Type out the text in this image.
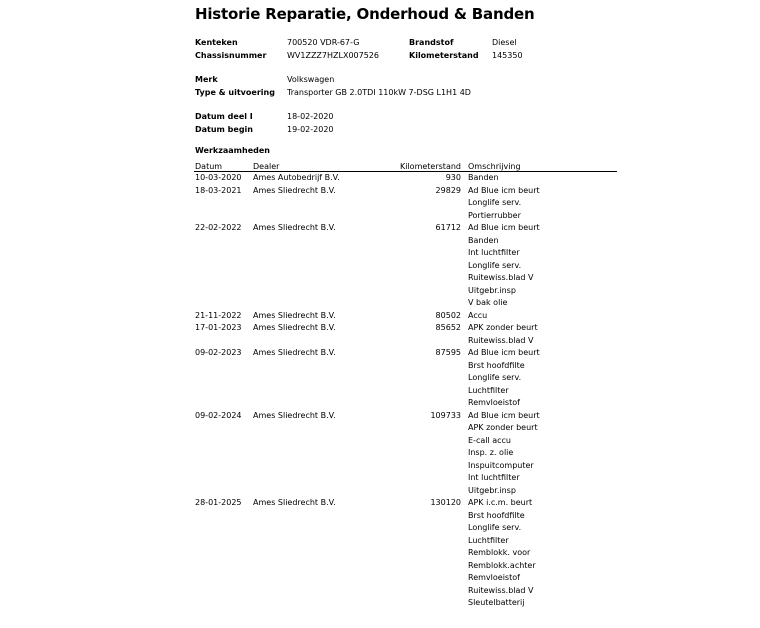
Historie Reparatie, Onderhoud & Banden
Kenteken	700520 VDR-67-G	Brandstof	Diesel
Chassisnummer	WV1ZZZ7HZLX007526	Kilometerstand 145350
Merk	Volkswagen
Type & uitvoering Transporter GB 2.0TDI 110kW 7-DSG L1H1 4D
Datum deel I	18-02-2020
Datum begin	19-02-2020
Werkzaamheden
Datum	Dealer	Kilometerstand Omschrijving
10-03-2020 Ames Autobedrijf B.V.	930 Banden
18-03-2021 Ames Sliedrecht B.V.	29829 Ad Blue icm beurt
Longlife serv.
Portierrubber
22-02-2022 Ames Sliedrecht B.V.	61712 Ad Blue icm beurt
Banden
Int luchtfilter
Longlife serv.
Ruitewiss.blad V
Uitgebr.insp
V bak olie
21-11-2022 Ames Sliedrecht B.V.	80502 Accu
17-01-2023 Ames Sliedrecht B.V.	85652 APK zonder beurt
Ruitewiss.blad V
09-02-2023 Ames Sliedrecht B.V.	87595 Ad Blue icm beurt
Brst hoofdfilte
Longlife serv.
Luchtfilter
Remvloeistof
09-02-2024 Ames Sliedrecht B.V.	109733 Ad Blue icm beurt
APK zonder beurt
E-call accu
Insp. z. olie
Inspuitcomputer
Int luchtfilter
Uitgebr.insp
28-01-2025 Ames Sliedrecht B.V.	130120 APK i.c.m. beurt
Brst hoofdfilte
Longlife serv.
Luchtfilter
Remblokk. voor
Remblokk.achter
Remvloeistof
Ruitewiss.blad V
Sleutelbatterij
